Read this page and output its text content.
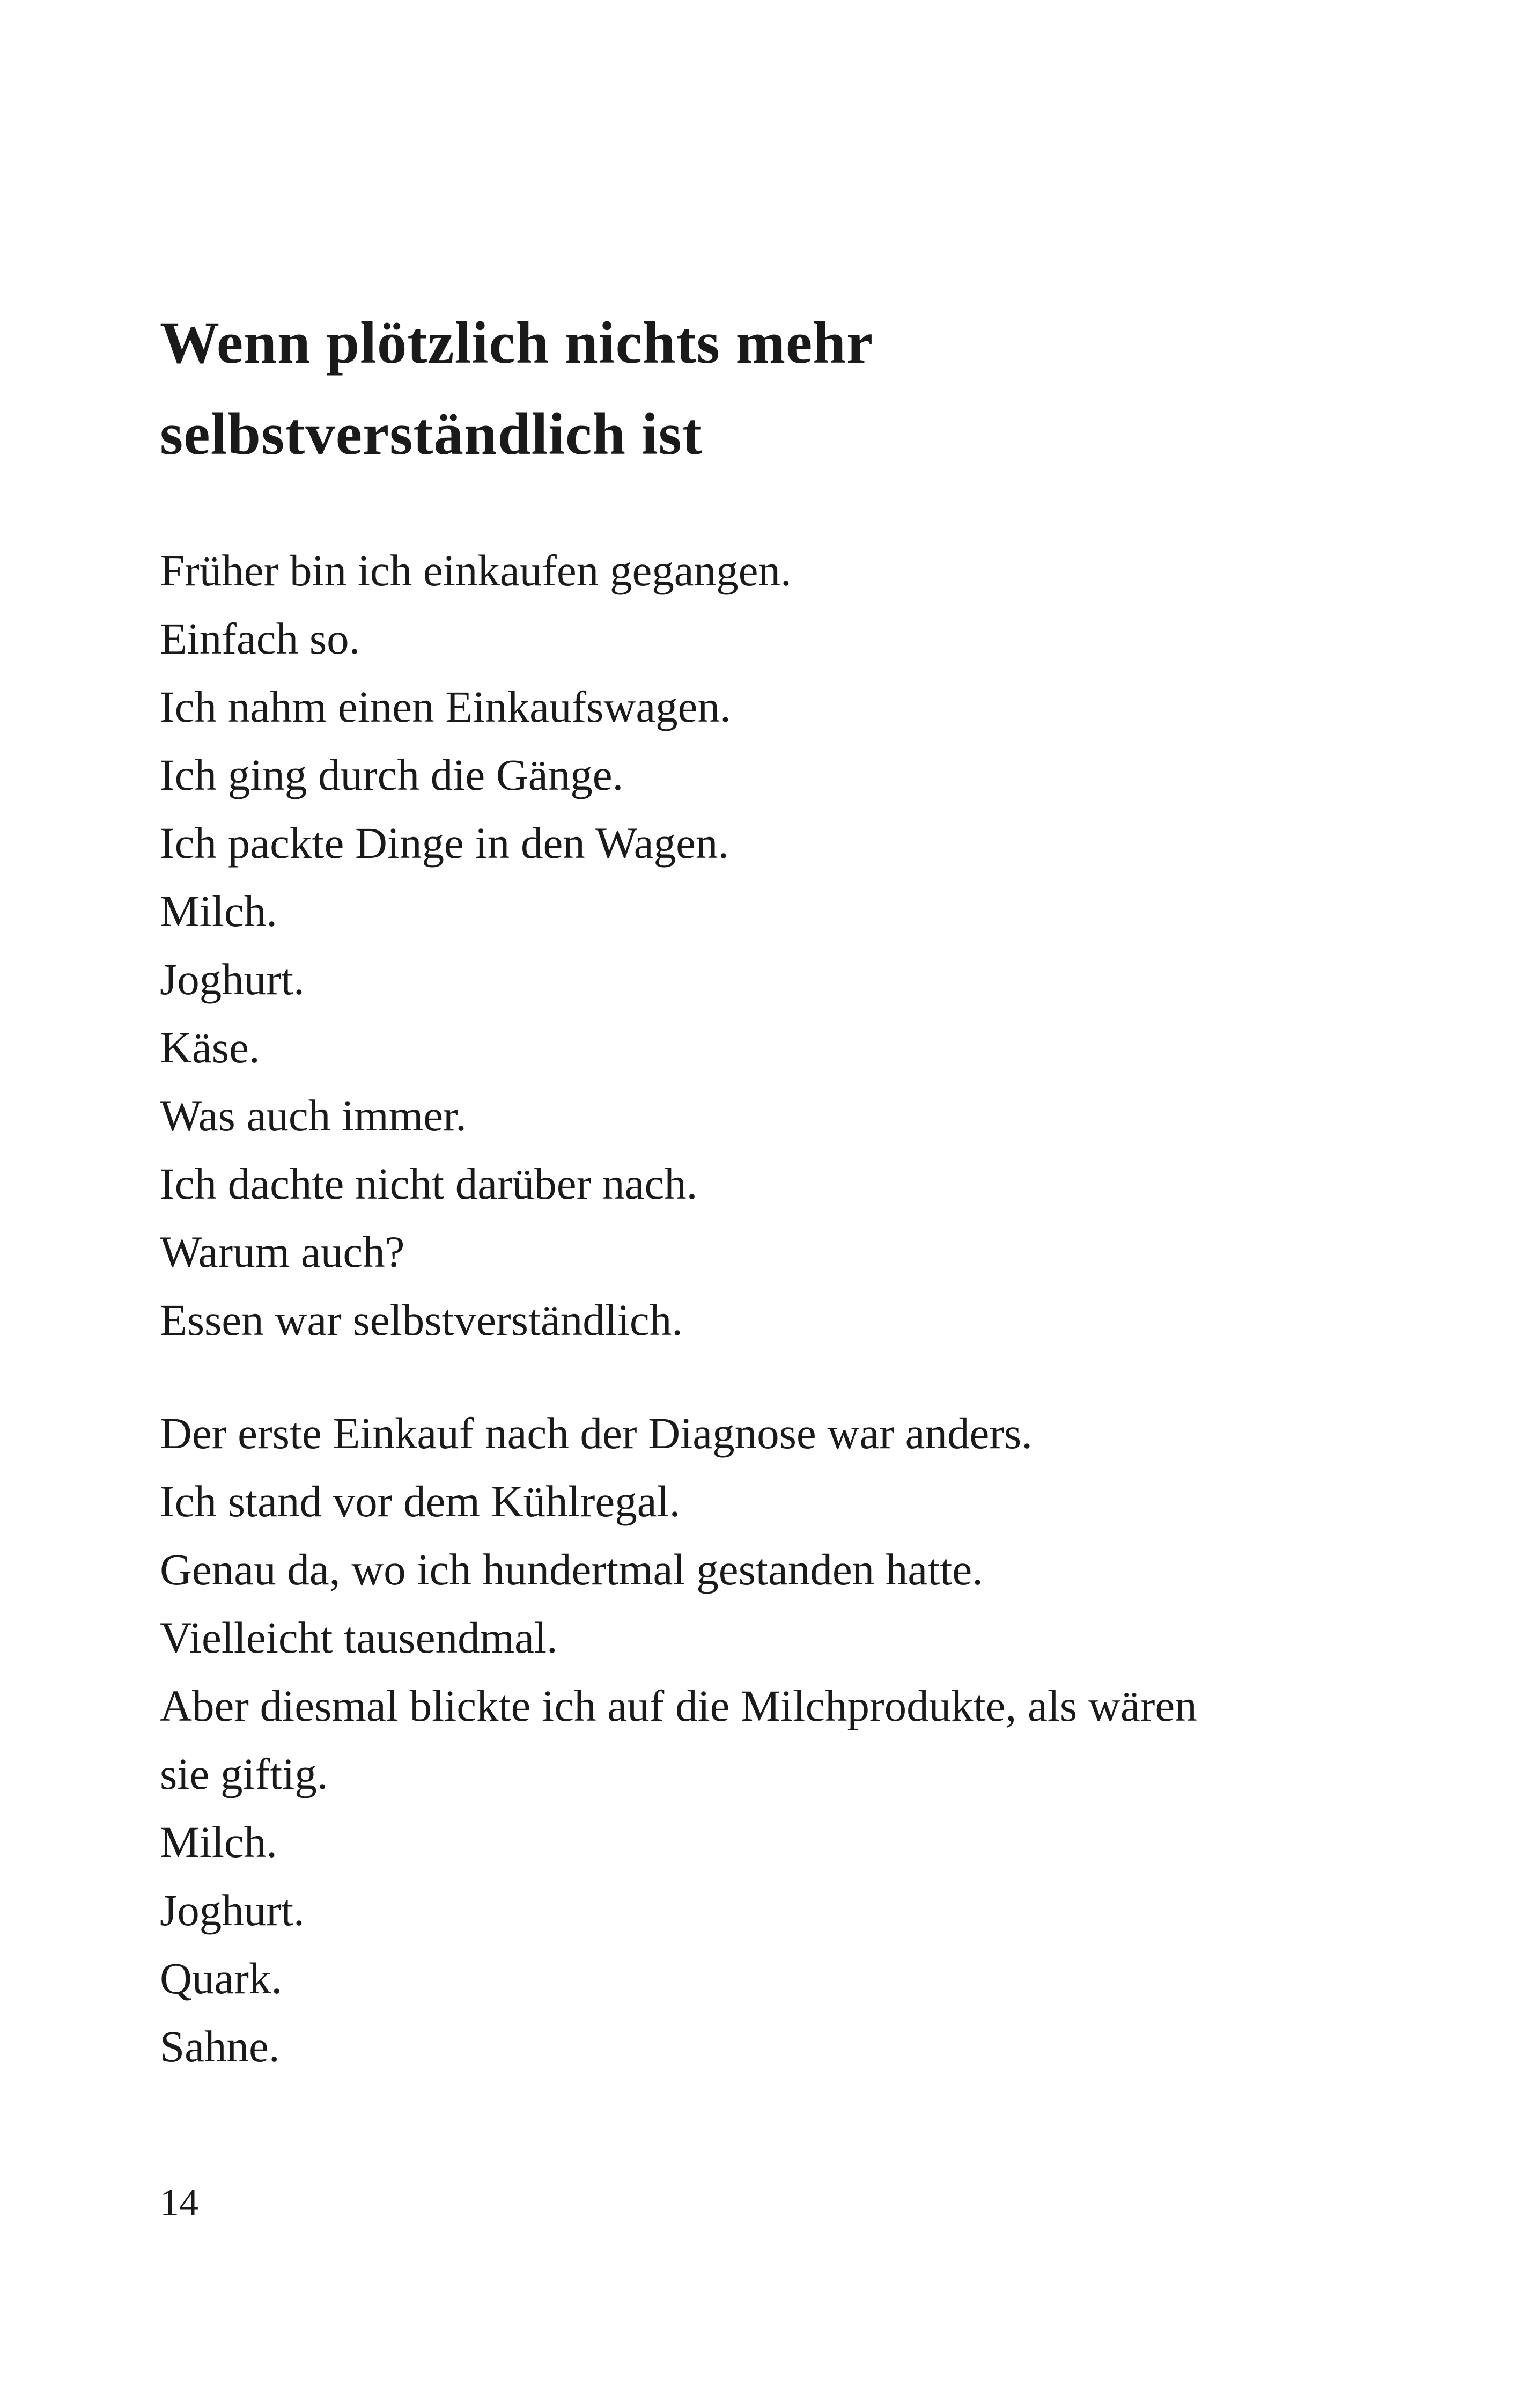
Wenn plötzlich nichts mehr
selbstverständlich ist
Früher bin ich einkaufen gegangen.
Einfach so.
Ich nahm einen Einkaufswagen.
Ich ging durch die Gänge.
Ich packte Dinge in den Wagen.
Milch.
Joghurt.
Käse.
Was auch immer.
Ich dachte nicht darüber nach.
Warum auch?
Essen war selbstverständlich.
Der erste Einkauf nach der Diagnose war anders.
Ich stand vor dem Kühlregal.
Genau da, wo ich hundertmal gestanden hatte.
Vielleicht tausendmal.
Aber diesmal blickte ich auf die Milchprodukte, als wären
sie giftig.
Milch.
Joghurt.
Quark.
Sahne.
14
